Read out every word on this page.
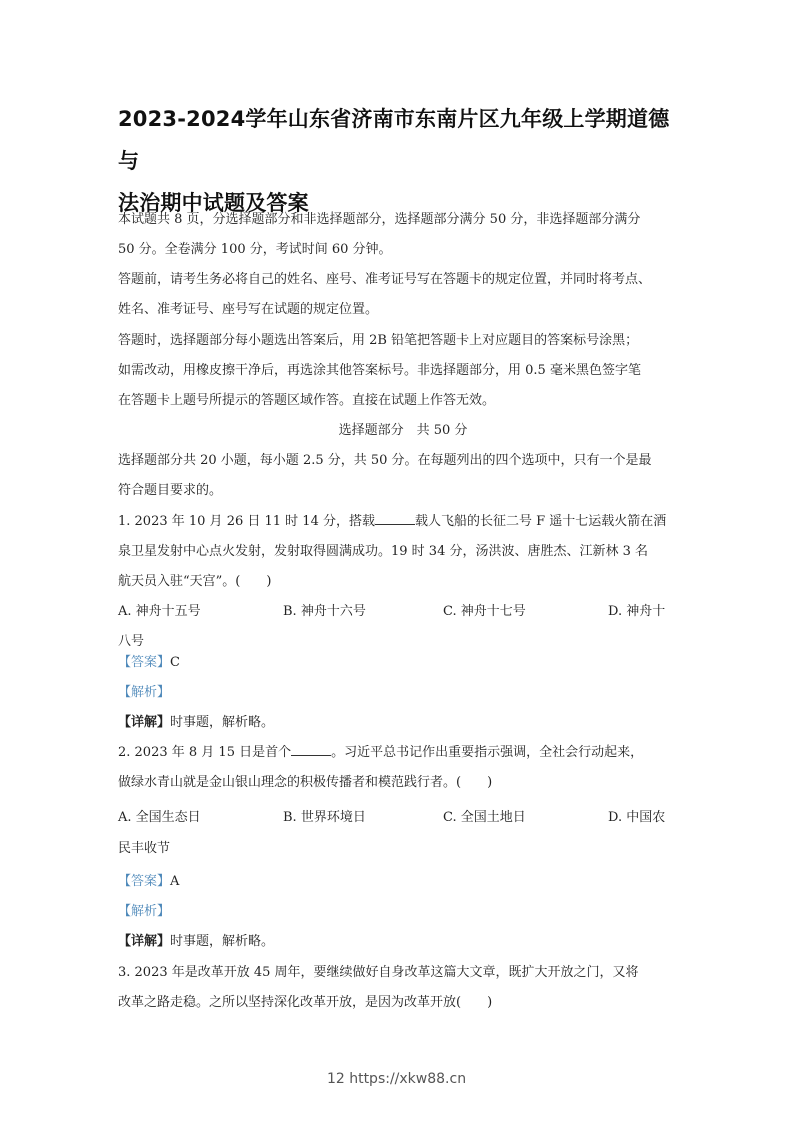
2023-2024学年山东省济南市东南片区九年级上学期道德与
法治期中试题及答案
本试题共 8 页，分选择题部分和非选择题部分，选择题部分满分 50 分，非选择题部分满分
50 分。全卷满分 100 分，考试时间 60 分钟。
答题前，请考生务必将自己的姓名、座号、准考证号写在答题卡的规定位置，并同时将考点、
姓名、准考证号、座号写在试题的规定位置。
答题时，选择题部分每小题选出答案后，用 2B 铅笔把答题卡上对应题目的答案标号涂黑；
如需改动，用橡皮擦干净后，再选涂其他答案标号。非选择题部分，用 0.5 毫米黑色签字笔
在答题卡上题号所提示的答题区域作答。直接在试题上作答无效。
选择题部分　共 50 分
选择题部分共 20 小题，每小题 2.5 分，共 50 分。在每题列出的四个选项中，只有一个是最
符合题目要求的。
1. 2023 年 10 月 26 日 11 时 14 分，搭载	载人飞船的长征二号 F 遥十七运载火箭在酒
泉卫星发射中心点火发射，发射取得圆满成功。19 时 34 分，汤洪波、唐胜杰、江新林 3 名
航天员入驻“天宫”。(　　)
A. 神舟十五号	B. 神舟十六号	C. 神舟十七号	D. 神舟十
八号
【答案】C
【解析】
【详解】时事题，解析略。
2. 2023 年 8 月 15 日是首个	。习近平总书记作出重要指示强调，全社会行动起来，
做绿水青山就是金山银山理念的积极传播者和模范践行者。(　　)
A. 全国生态日	B. 世界环境日	C. 全国土地日	D. 中国农
民丰收节
【答案】A
【解析】
【详解】时事题，解析略。
3. 2023 年是改革开放 45 周年，要继续做好自身改革这篇大文章，既扩大开放之门，又将
改革之路走稳。之所以坚持深化改革开放，是因为改革开放(　　)
12 https://xkw88.cn
